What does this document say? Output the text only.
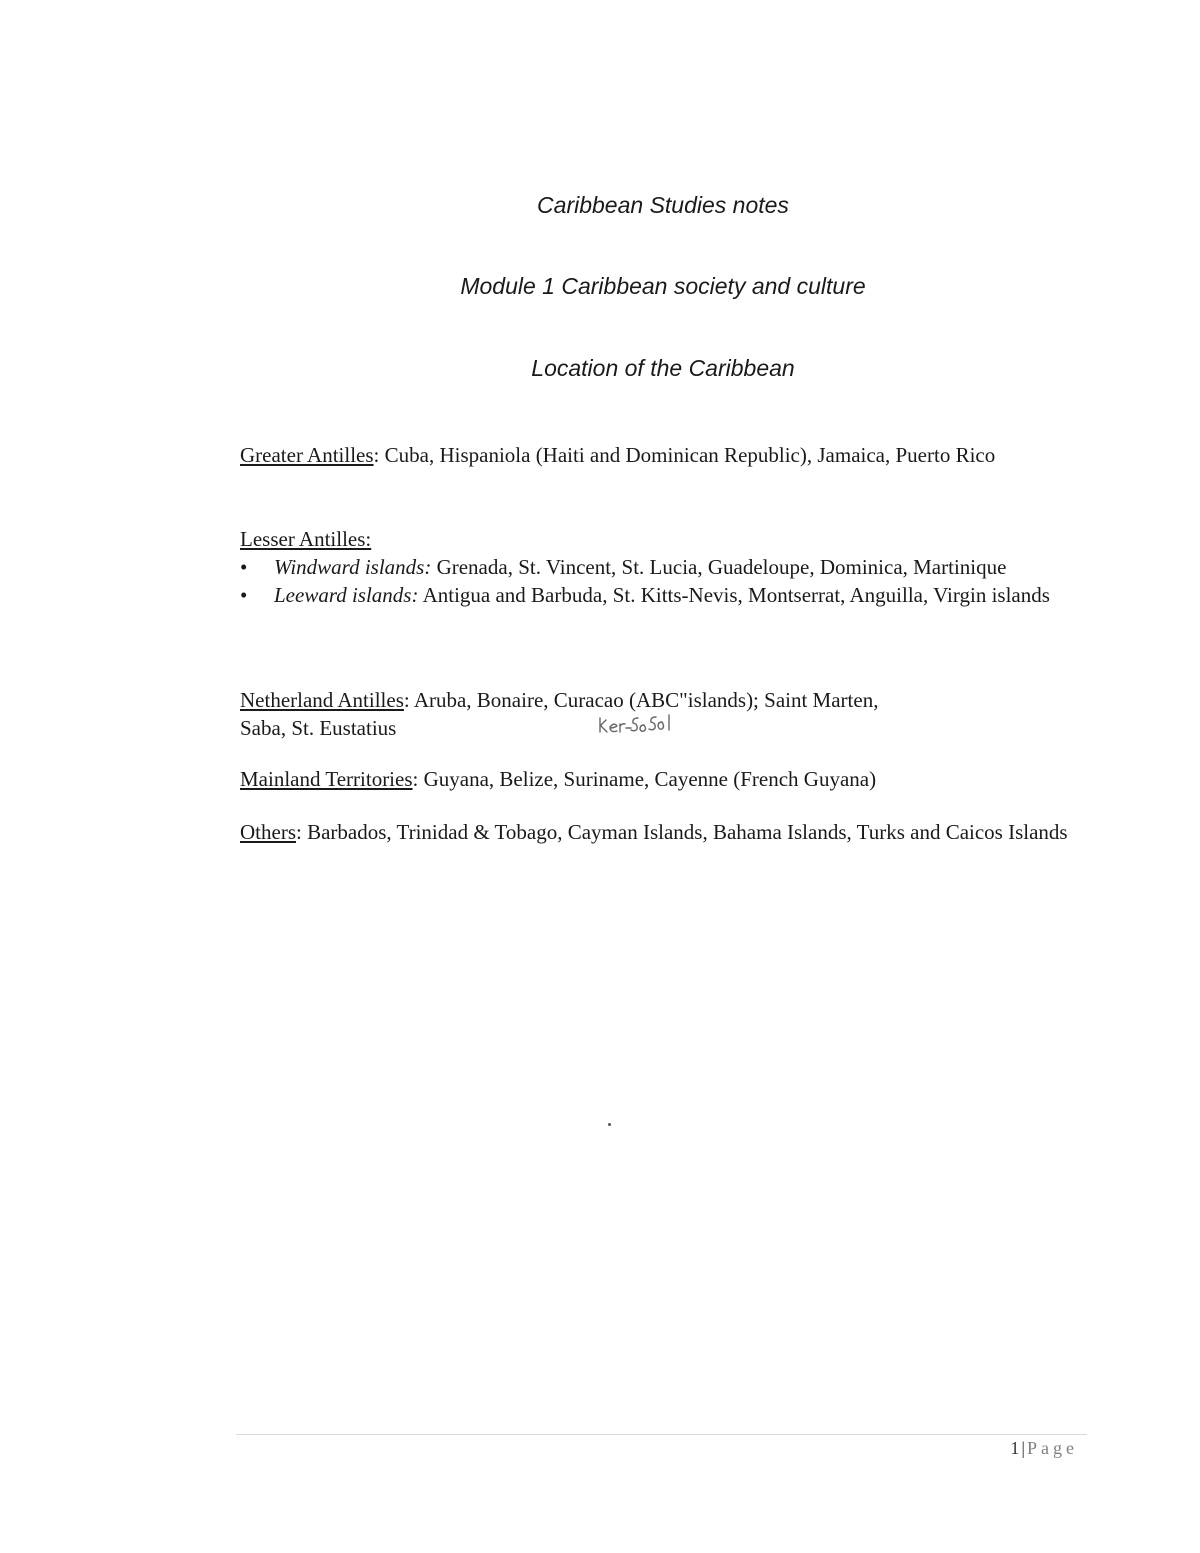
Caribbean Studies notes
Module 1 Caribbean society and culture
Location of the Caribbean
Greater Antilles: Cuba, Hispaniola (Haiti and Dominican Republic), Jamaica, Puerto Rico
Lesser Antilles:
• Windward islands: Grenada, St. Vincent, St. Lucia, Guadeloupe, Dominica, Martinique
• Leeward islands: Antigua and Barbuda, St. Kitts-Nevis, Montserrat, Anguilla, Virgin islands
Netherland Antilles: Aruba, Bonaire, Curacao (ABC"islands); Saint Marten,
Saba, St. Eustatius
Mainland Territories: Guyana, Belize, Suriname, Cayenne (French Guyana)
Others: Barbados, Trinidad & Tobago, Cayman Islands, Bahama Islands, Turks and Caicos Islands
1 | Page
